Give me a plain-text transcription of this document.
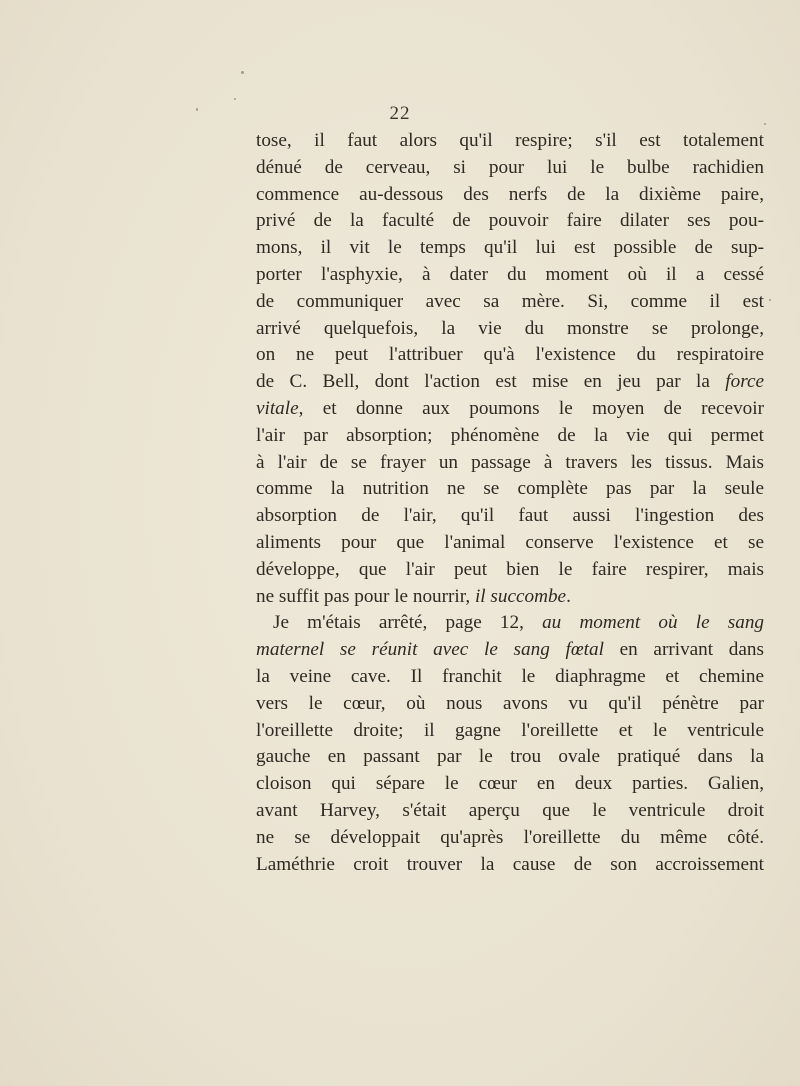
22
tose, il faut alors qu'il respire; s'il est totalement
dénué de cerveau, si pour lui le bulbe rachidien
commence au-dessous des nerfs de la dixième paire,
privé de la faculté de pouvoir faire dilater ses pou-
mons, il vit le temps qu'il lui est possible de sup-
porter l'asphyxie, à dater du moment où il a cessé
de communiquer avec sa mère. Si, comme il est
arrivé quelquefois, la vie du monstre se prolonge,
on ne peut l'attribuer qu'à l'existence du respiratoire
de C. Bell, dont l'action est mise en jeu par la force
vitale, et donne aux poumons le moyen de recevoir
l'air par absorption; phénomène de la vie qui permet
à l'air de se frayer un passage à travers les tissus. Mais
comme la nutrition ne se complète pas par la seule
absorption de l'air, qu'il faut aussi l'ingestion des
aliments pour que l'animal conserve l'existence et se
développe, que l'air peut bien le faire respirer, mais
ne suffit pas pour le nourrir, il succombe.
Je m'étais arrêté, page 12, au moment où le sang
maternel se réunit avec le sang fœtal en arrivant dans
la veine cave. Il franchit le diaphragme et chemine
vers le cœur, où nous avons vu qu'il pénètre par
l'oreillette droite; il gagne l'oreillette et le ventricule
gauche en passant par le trou ovale pratiqué dans la
cloison qui sépare le cœur en deux parties. Galien,
avant Harvey, s'était aperçu que le ventricule droit
ne se développait qu'après l'oreillette du même côté.
Laméthrie croit trouver la cause de son accroissement
